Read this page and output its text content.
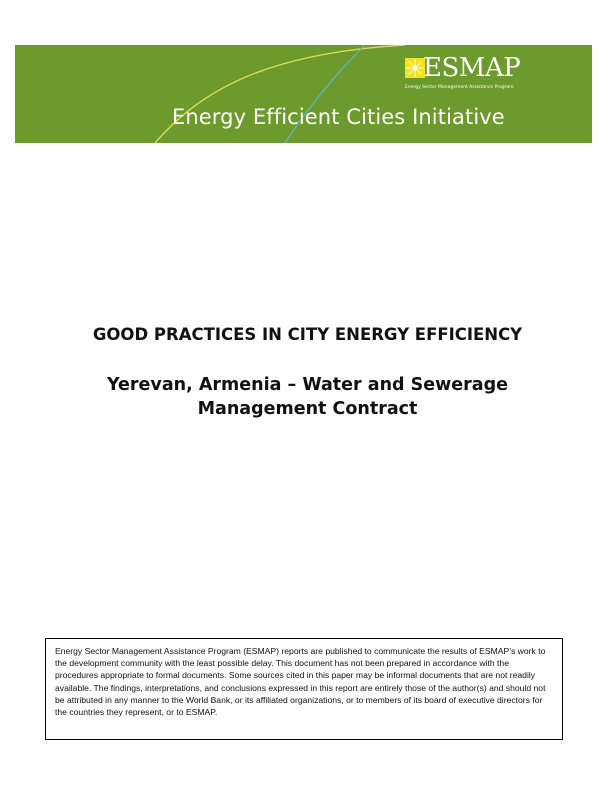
ESMAP
Energy Sector Management Assistance Program
Energy Efficient Cities Initiative
GOOD PRACTICES IN CITY ENERGY EFFICIENCY
Yerevan, Armenia – Water and Sewerage
Management Contract
Energy Sector Management Assistance Program (ESMAP) reports are published to communicate the results of ESMAP’s work to the development community with the least possible delay. This document has not been prepared in accordance with the procedures appropriate to formal documents. Some sources cited in this paper may be informal documents that are not readily available. The findings, interpretations, and conclusions expressed in this report are entirely those of the author(s) and should not be attributed in any manner to the World Bank, or its affiliated organizations, or to members of its board of executive directors for the countries they represent, or to ESMAP.
